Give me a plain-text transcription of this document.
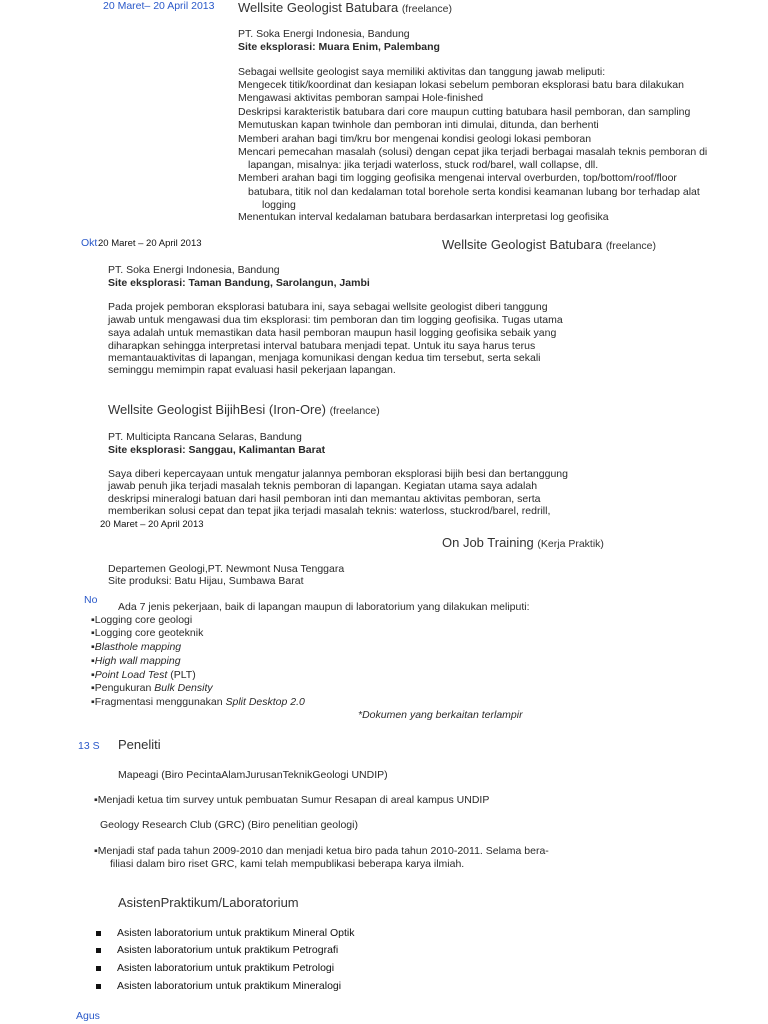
20 Maret– 20 April 2013 Wellsite Geologist Batubara (freelance)
PT. Soka Energi Indonesia, Bandung
Site eksplorasi: Muara Enim, Palembang
Sebagai wellsite geologist saya memiliki aktivitas dan tanggung jawab meliputi:
Mengecek titik/koordinat dan kesiapan lokasi sebelum pemboran eksplorasi batu bara dilakukan
Mengawasi aktivitas pemboran sampai Hole-finished
Deskripsi karakteristik batubara dari core maupun cutting batubara hasil pemboran, dan sampling
Memutuskan kapan twinhole dan pemboran inti dimulai, ditunda, dan berhenti
Memberi arahan bagi tim/kru bor mengenai kondisi geologi lokasi pemboran
Mencari pemecahan masalah (solusi) dengan cepat jika terjadi berbagai masalah teknis pemboran di
lapangan, misalnya: jika terjadi waterloss, stuck rod/barel, wall collapse, dll.
Memberi arahan bagi tim logging geofisika mengenai interval overburden, top/bottom/roof/floor
batubara, titik nol dan kedalaman total borehole serta kondisi keamanan lubang bor terhadap alat
logging
Menentukan interval kedalaman batubara berdasarkan interpretasi log geofisika
Okt 20 Maret – 20 April 2013	Wellsite Geologist Batubara (freelance)
PT. Soka Energi Indonesia, Bandung
Site eksplorasi: Taman Bandung, Sarolangun, Jambi
Pada projek pemboran eksplorasi batubara ini, saya sebagai wellsite geologist diberi tanggung
jawab untuk mengawasi dua tim eksplorasi: tim pemboran dan tim logging geofisika. Tugas utama
saya adalah untuk memastikan data hasil pemboran maupun hasil logging geofisika sebaik yang
diharapkan sehingga interpretasi interval batubara menjadi tepat. Untuk itu saya harus terus
memantauaktivitas di lapangan, menjaga komunikasi dengan kedua tim tersebut, serta sekali
seminggu memimpin rapat evaluasi hasil pekerjaan lapangan.
Wellsite Geologist BijihBesi (Iron-Ore) (freelance)
PT. Multicipta Rancana Selaras, Bandung
Site eksplorasi: Sanggau, Kalimantan Barat
Saya diberi kepercayaan untuk mengatur jalannya pemboran eksplorasi bijih besi dan bertanggung
jawab penuh jika terjadi masalah teknis pemboran di lapangan. Kegiatan utama saya adalah
deskripsi mineralogi batuan dari hasil pemboran inti dan memantau aktivitas pemboran, serta
memberikan solusi cepat dan tepat jika terjadi masalah teknis: waterloss, stuckrod/barel, redrill,
20 Maret – 20 April 2013
On Job Training (Kerja Praktik)
Departemen Geologi,PT. Newmont Nusa Tenggara
Site produksi: Batu Hijau, Sumbawa Barat
No
Ada 7 jenis pekerjaan, baik di lapangan maupun di laboratorium yang dilakukan meliputi:
▪Logging core geologi
▪Logging core geoteknik
▪Blasthole mapping
▪High wall mapping
▪Point Load Test (PLT)
▪Pengukuran Bulk Density
▪Fragmentasi menggunakan Split Desktop 2.0
*Dokumen yang berkaitan terlampir
13 S Peneliti
Mapeagi (Biro PecintaAlamJurusanTeknikGeologi UNDIP)
▪Menjadi ketua tim survey untuk pembuatan Sumur Resapan di areal kampus UNDIP
Geology Research Club (GRC) (Biro penelitian geologi)
▪Menjadi staf pada tahun 2009-2010 dan menjadi ketua biro pada tahun 2010-2011. Selama bera-
filiasi dalam biro riset GRC, kami telah mempublikasi beberapa karya ilmiah.
AsistenPraktikum/Laboratorium
Asisten laboratorium untuk praktikum Mineral Optik
Asisten laboratorium untuk praktikum Petrografi
Asisten laboratorium untuk praktikum Petrologi
Asisten laboratorium untuk praktikum Mineralogi
Agus
